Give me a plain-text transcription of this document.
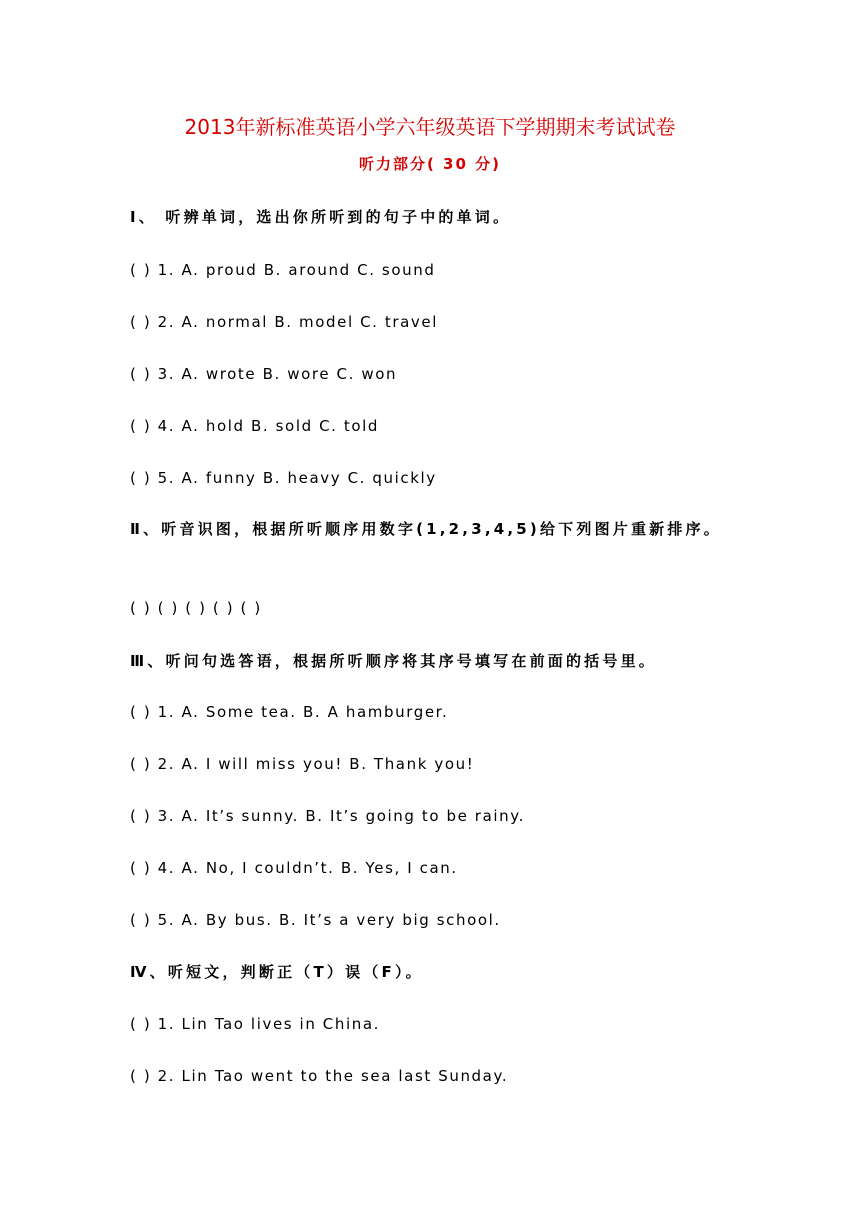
2013年新标准英语小学六年级英语下学期期末考试试卷
听力部分( 30 分)
Ⅰ、 听辨单词，选出你所听到的句子中的单词。
( ) 1. A. proud B. around C. sound
( ) 2. A. normal B. model C. travel
( ) 3. A. wrote B. wore C. won
( ) 4. A. hold B. sold C. told
( ) 5. A. funny B. heavy C. quickly
Ⅱ、听音识图，根据所听顺序用数字(1,2,3,4,5)给下列图片重新排序。
( ) ( ) ( ) ( ) ( )
Ⅲ、听问句选答语，根据所听顺序将其序号填写在前面的括号里。
( ) 1. A. Some tea. B. A hamburger.
( ) 2. A. I will miss you! B. Thank you!
( ) 3. A. It’s sunny. B. It’s going to be rainy.
( ) 4. A. No, I couldn’t. B. Yes, I can.
( ) 5. A. By bus. B. It’s a very big school.
Ⅳ、听短文，判断正（T）误（F）。
( ) 1. Lin Tao lives in China.
( ) 2. Lin Tao went to the sea last Sunday.
